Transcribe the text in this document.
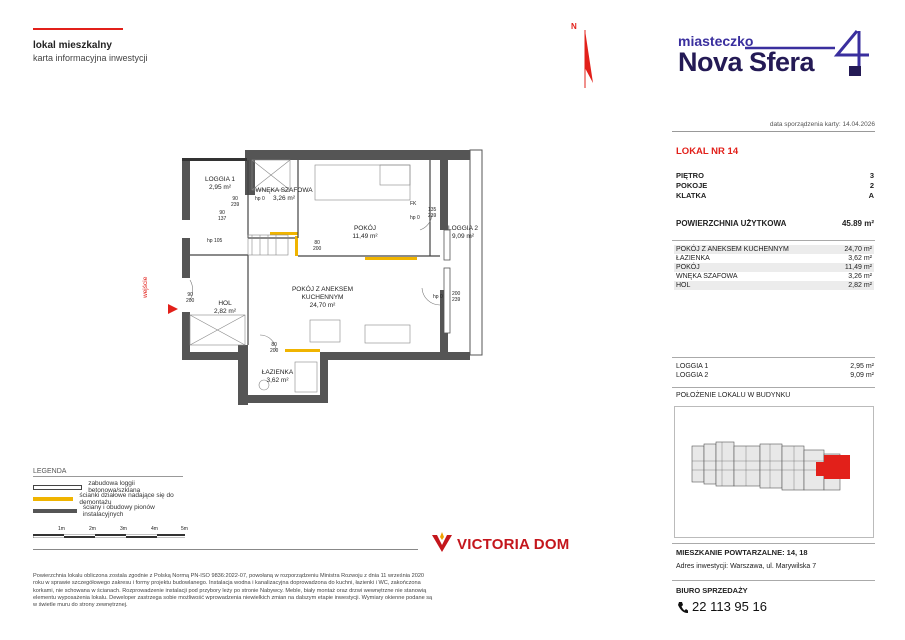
lokal mieszkalny
karta informacyjna inwestycji
N
miasteczko
Nova Sfera
data sporządzenia karty: 14.04.2026
LOKAL NR 14
PIĘTRO	3
POKOJE	2
KLATKA	A
POWIERZCHNIA UŻYTKOWA	45.89 m²
POKÓJ Z ANEKSEM KUCHENNYM	24,70 m²
ŁAZIENKA	3,62 m²
POKÓJ	11,49 m²
WNĘKA SZAFOWA	3,26 m²
HOL	2,82 m²
LOGGIA 1	2,95 m²
LOGGIA 2	9,09 m²
POŁOŻENIE LOKALU W BUDYNKU
MIESZKANIE POWTARZALNE: 14, 18
Adres inwestycji: Warszawa, ul. Marywilska 7
BIURO SPRZEDAŻY
22 113 95 16
LOGGIA 1
2,95 m²	WNĘKA SZAFOWA
3,26 m²
POKÓJ
11,49 m²
LOGGIA 2
9,09 m²
HOL
2,82 m²
POKÓJ Z ANEKSEM
KUCHENNYM
24,70 m²
ŁAZIENKA
3,62 m²
wejście
90
239
90
137
hp 0
hp 105
hp 0
FK
135
239
80
200
90
200
200
239
hp 0
80
200
LEGENDA
zabudowa loggii betonowa/szklana
ścianki działowe nadające się do demontażu
ściany i obudowy pionów instalacyjnych
1m	2m	3m	4m	5m
VICTORIA DOM
Powierzchnia lokalu obliczona zostala zgodnie z Polską Normą PN-ISO 9836:2022-07, powołaną w rozporządzeniu Ministra Rozwoju z dnia 11 września 2020 roku w sprawie szczegółowego zakresu i formy projektu budowlanego. Instalacja wodna i kanalizacyjna doprowadzona do kuchni, łazienki i WC, zakończona korkami, nie schowana w ścianach. Rozprowadzenie instalacji pod przybory leży po stronie Nabywcy. Meble, biały montaż oraz drzwi wewnętrzne nie stanowią elementu wyposażenia lokalu. Deweloper zastrzega sobie możliwość wprowadzenia niewielkich zmian na dalszym etapie inwestycji. Wymiary okienne podane są w świetle muru do strony zewnętrznej.
